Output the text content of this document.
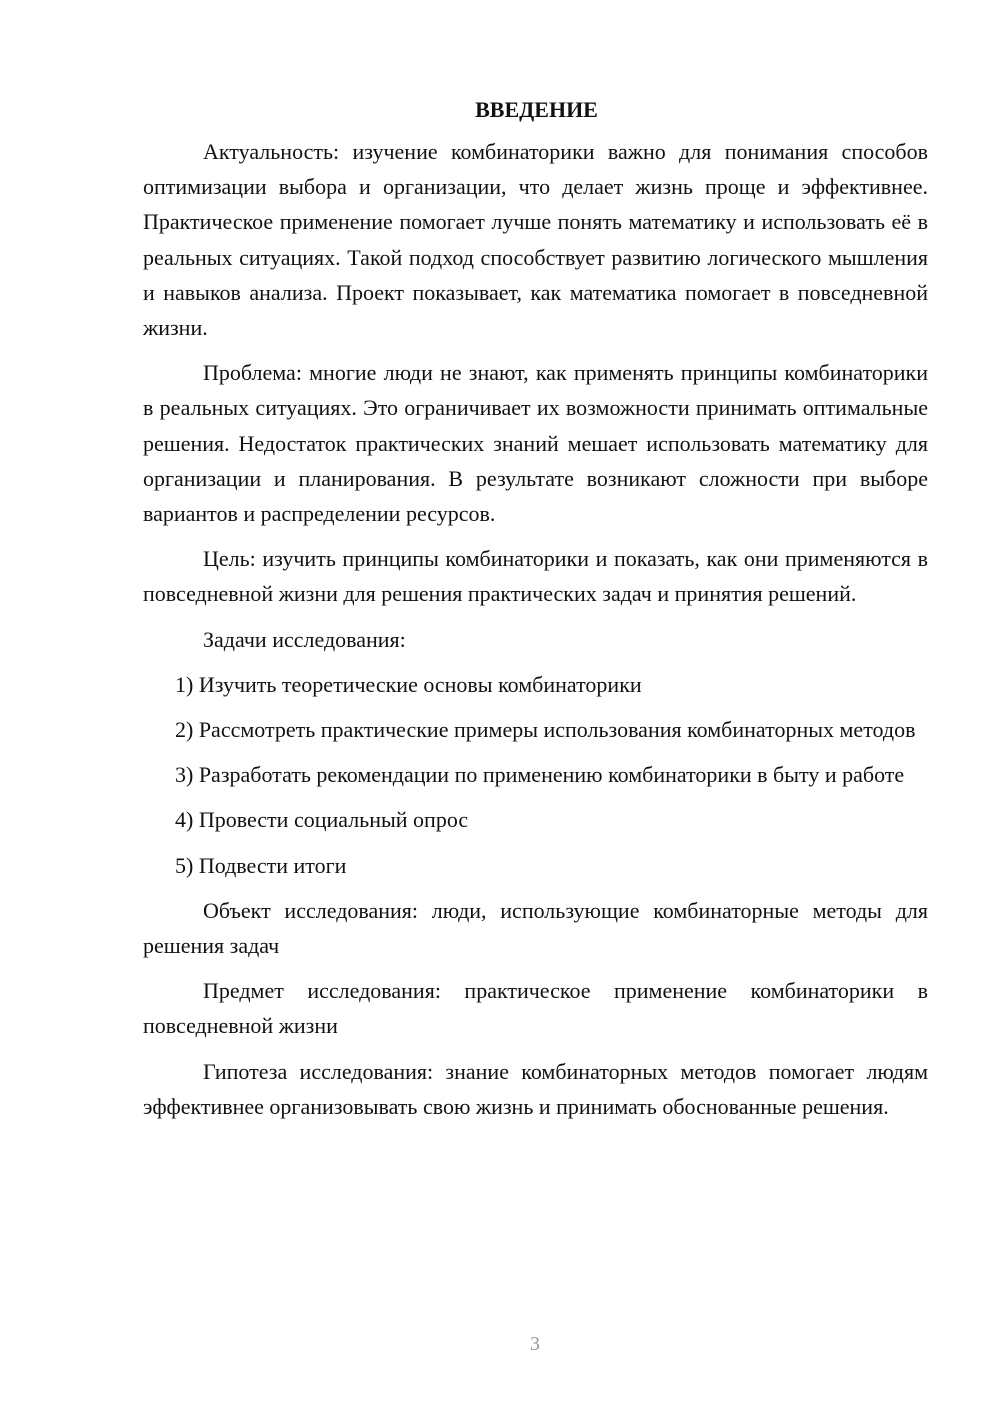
ВВЕДЕНИЕ

Актуальность: изучение комбинаторики важно для понимания способов оптимизации выбора и организации, что делает жизнь проще и эффективнее. Практическое применение помогает лучше понять математику и использовать её в реальных ситуациях. Такой подход способствует развитию логического мышления и навыков анализа. Проект показывает, как математика помогает в повседневной жизни.

Проблема: многие люди не знают, как применять принципы комбинаторики в реальных ситуациях. Это ограничивает их возможности принимать оптимальные решения. Недостаток практических знаний мешает использовать математику для организации и планирования. В результате возникают сложности при выборе вариантов и распределении ресурсов.

Цель: изучить принципы комбинаторики и показать, как они применяются в повседневной жизни для решения практических задач и принятия решений.

Задачи исследования:

1) Изучить теоретические основы комбинаторики

2) Рассмотреть практические примеры использования комбинаторных методов

3) Разработать рекомендации по применению комбинаторики в быту и работе

4) Провести социальный опрос

5) Подвести итоги

Объект исследования: люди, использующие комбинаторные методы для решения задач

Предмет исследования: практическое применение комбинаторики в повседневной жизни

Гипотеза исследования: знание комбинаторных методов помогает людям эффективнее организовывать свою жизнь и принимать обоснованные решения.

3
